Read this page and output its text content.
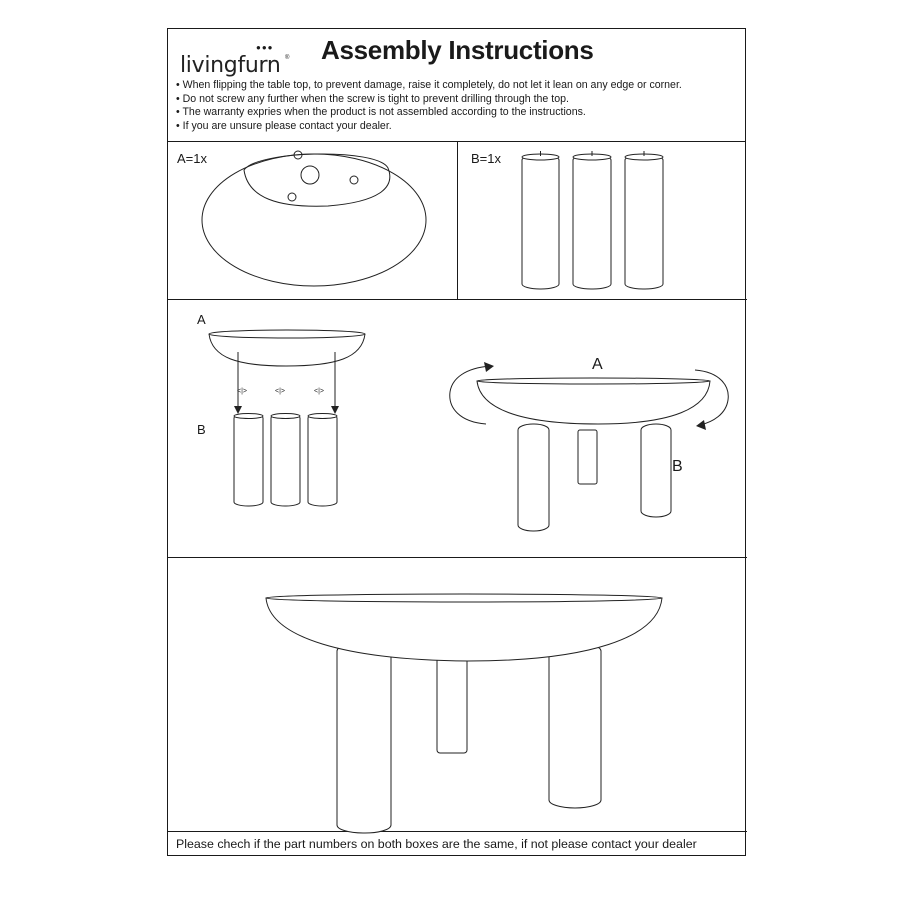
●●●
livingfurn ® Assembly Instructions
• When flipping the table top, to prevent damage, raise it completely, do not let it lean on any edge or corner.
• Do not screw any further when the screw is tight to prevent drilling through the top.
• The warranty expries when the product is not assembled according to the instructions.
• If you are unsure please contact your dealer.
A=1x	B=1x
A
B
A
B
<|>	<|>	<|>
Please chech if the part numbers on both boxes are the same, if not please contact your dealer
